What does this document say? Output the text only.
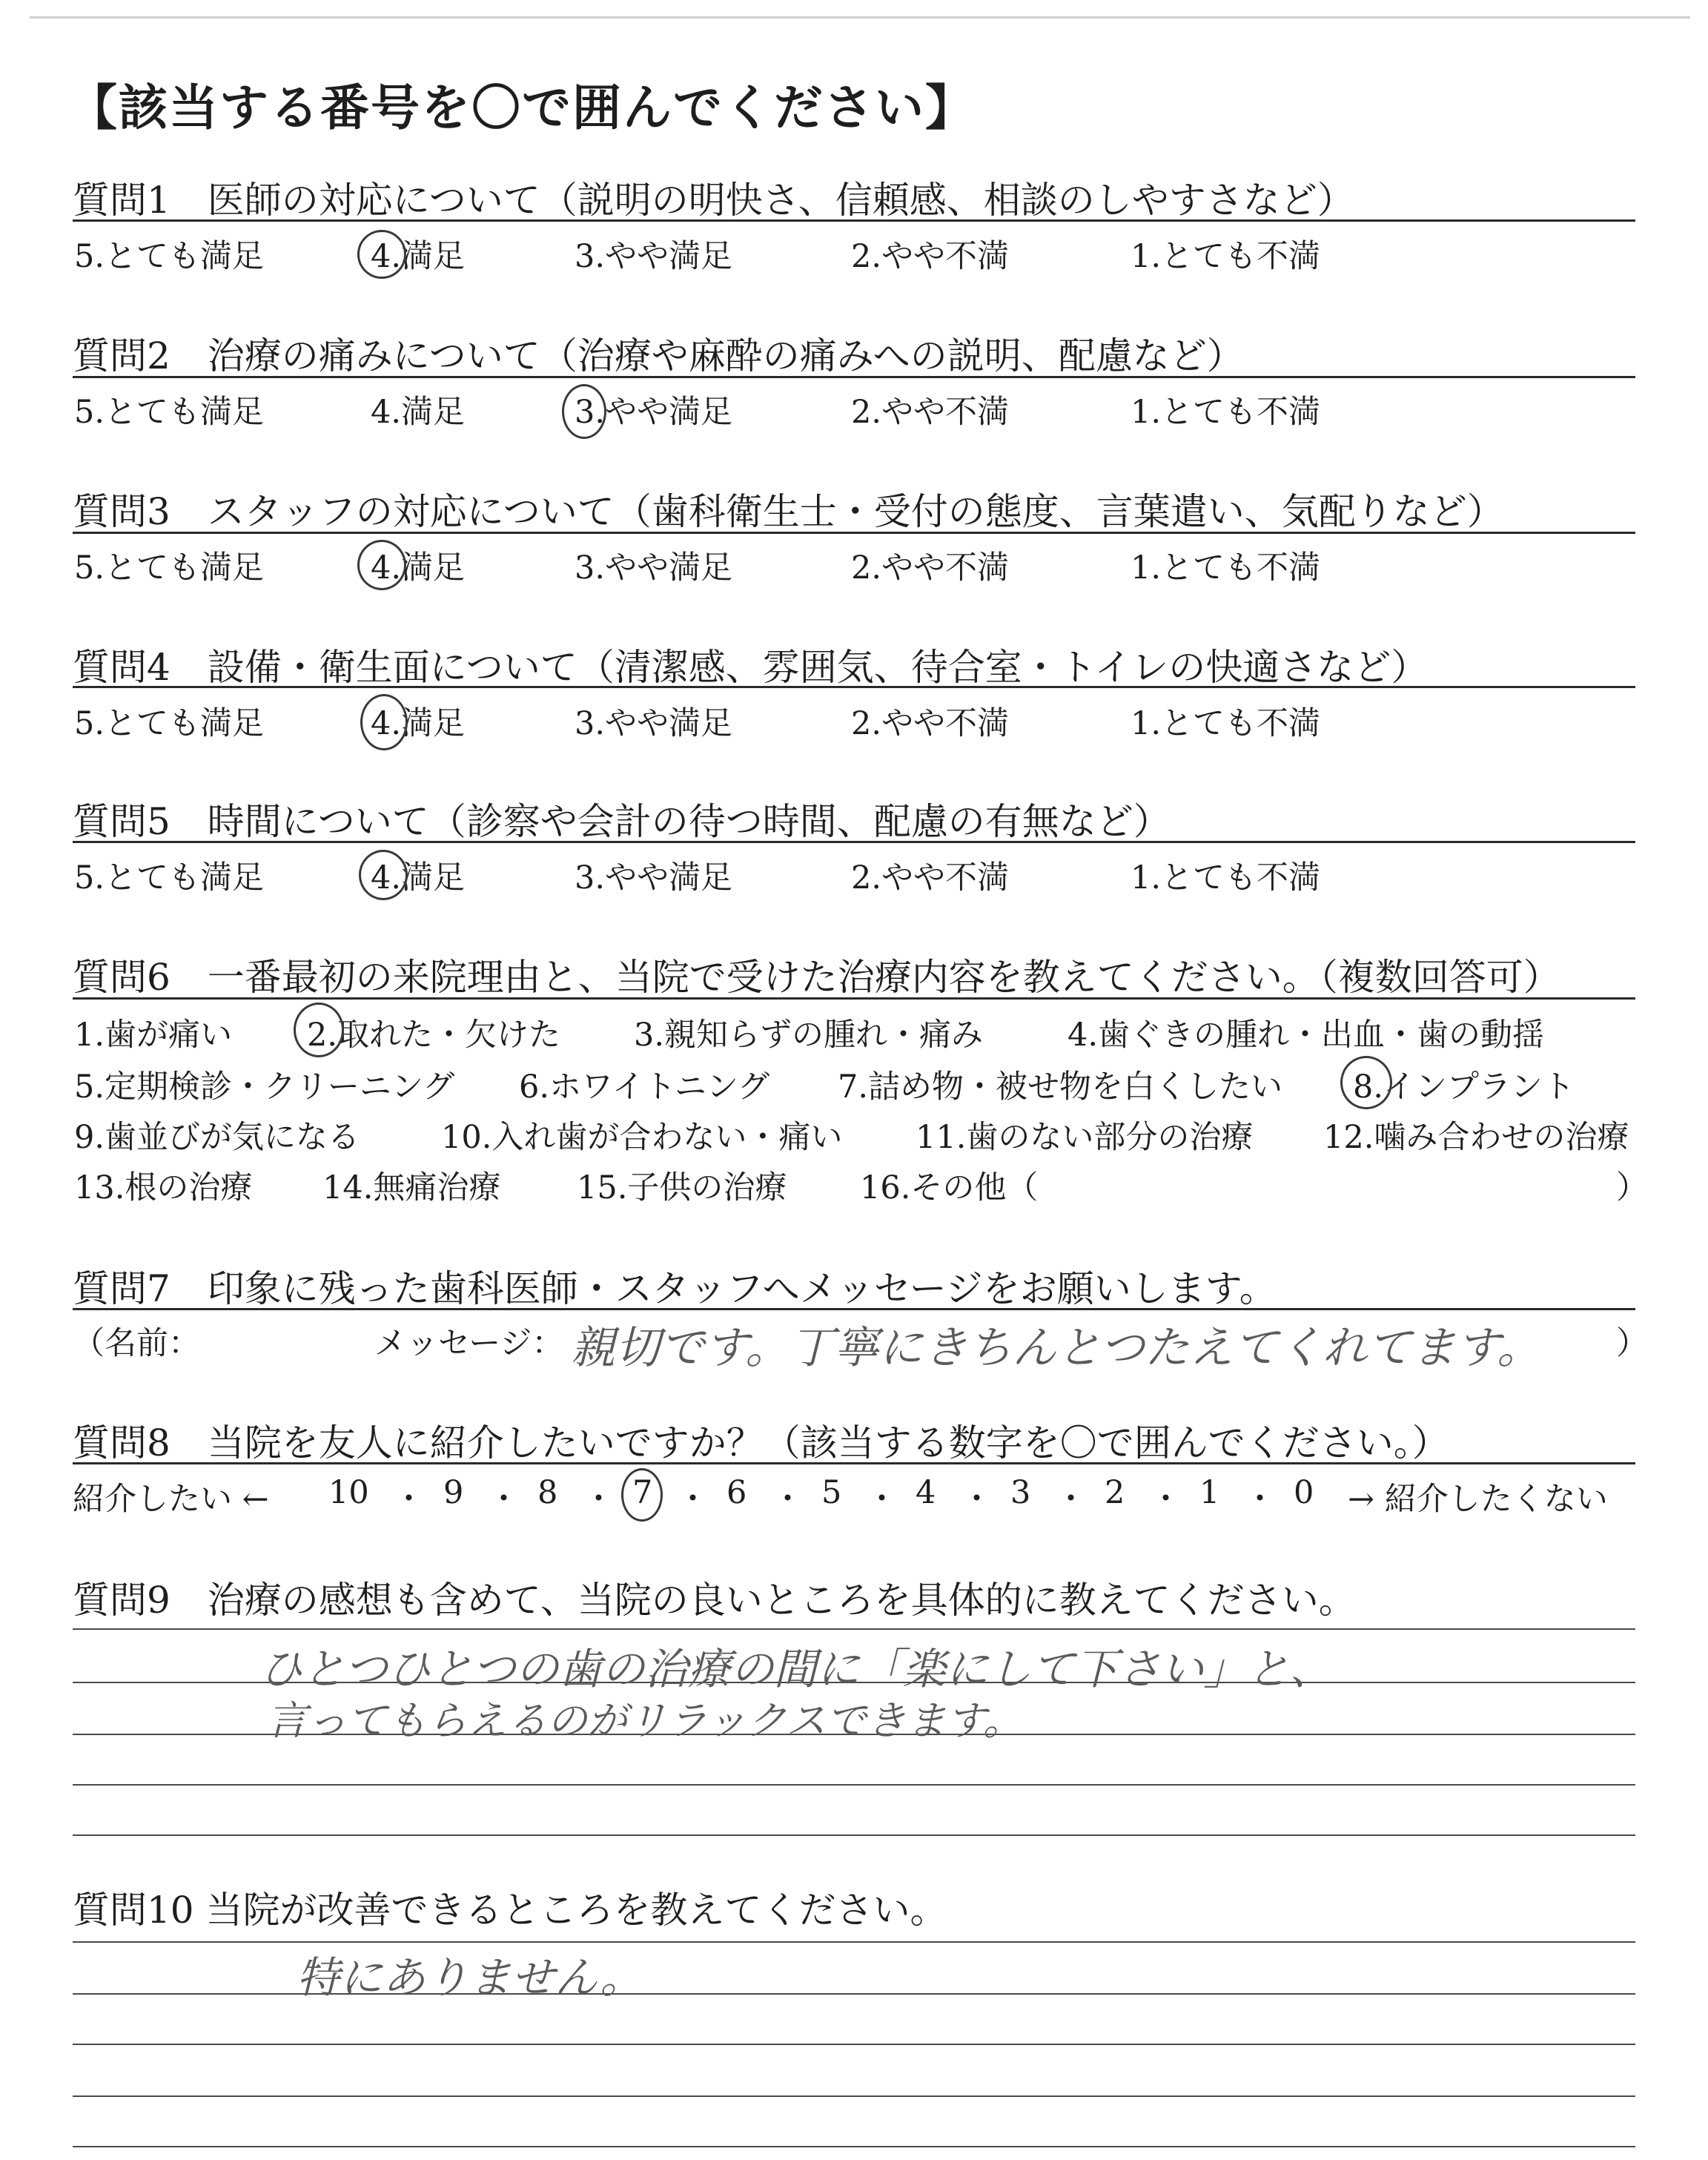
【該当する番号を〇で囲んでください】
質問1　医師の対応について（説明の明快さ、信頼感、相談のしやすさなど）
5.とても満足	4.満足	3.やや満足	2.やや不満	1.とても不満
質問2　治療の痛みについて（治療や麻酔の痛みへの説明、配慮など）
5.とても満足	4.満足	3.やや満足	2.やや不満	1.とても不満
質問3　スタッフの対応について（歯科衛生士・受付の態度、言葉遣い、気配りなど）
5.とても満足	4.満足	3.やや満足	2.やや不満	1.とても不満
質問4　設備・衛生面について（清潔感、雰囲気、待合室・トイレの快適さなど）
5.とても満足	4.満足	3.やや満足	2.やや不満	1.とても不満
質問5　時間について（診察や会計の待つ時間、配慮の有無など）
5.とても満足	4.満足	3.やや満足	2.やや不満	1.とても不満
質問6　一番最初の来院理由と、当院で受けた治療内容を教えてください。（複数回答可）
1.歯が痛い 2.取れた・欠けた 3.親知らずの腫れ・痛み	4.歯ぐきの腫れ・出血・歯の動揺
5.定期検診・クリーニング 6.ホワイトニング 7.詰め物・被せ物を白くしたい 8.インプラント
9.歯並びが気になる	10.入れ歯が合わない・痛い 11.歯のない部分の治療 12.噛み合わせの治療
13.根の治療 14.無痛治療 15.子供の治療 16.その他（	）
質問7　印象に残った歯科医師・スタッフへメッセージをお願いします。
（名前：	メッセージ： 親切です。丁寧にきちんとつたえてくれてます。 ）
質問8　当院を友人に紹介したいですか？（該当する数字を〇で囲んでください。）
紹介したい ← 10 ・ 9 ・ 8 ・ 7 ・ 6 ・ 5 ・ 4 ・ 3 ・ 2 ・ 1 ・ 0 → 紹介したくない
質問9　治療の感想も含めて、当院の良いところを具体的に教えてください。
ひとつひとつの歯の治療の間に「楽にして下さい」と、
言ってもらえるのがリラックスできます。
質問10 当院が改善できるところを教えてください。
特にありません。
